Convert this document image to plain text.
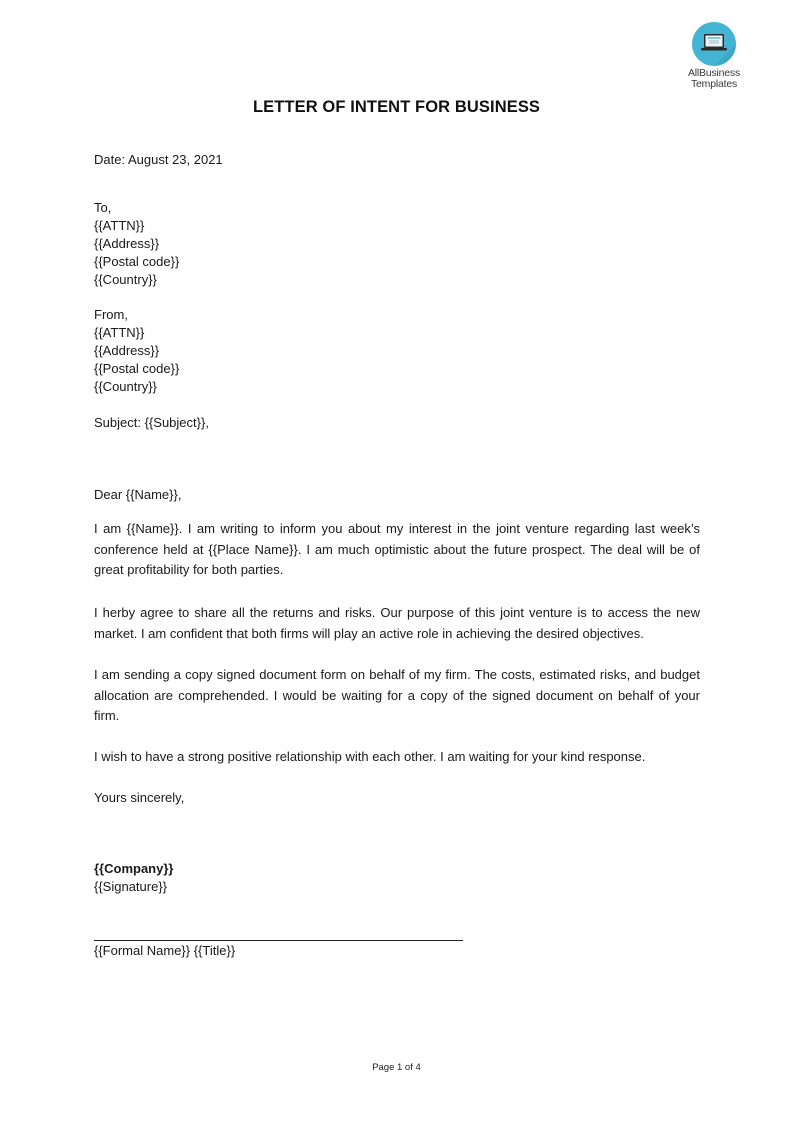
AllBusiness
Templates
LETTER OF INTENT FOR BUSINESS
Date: August 23, 2021
To,
{{ATTN}}
{{Address}}
{{Postal code}}
{{Country}}
From,
{{ATTN}}
{{Address}}
{{Postal code}}
{{Country}}
Subject: {{Subject}},
Dear {{Name}},
I am {{Name}}. I am writing to inform you about my interest in the joint venture regarding last week’s conference held at {{Place Name}}. I am much optimistic about the future prospect. The deal will be of great profitability for both parties.
I herby agree to share all the returns and risks. Our purpose of this joint venture is to access the new market. I am confident that both firms will play an active role in achieving the desired objectives.
I am sending a copy signed document form on behalf of my firm. The costs, estimated risks, and budget allocation are comprehended. I would be waiting for a copy of the signed document on behalf of your firm.
I wish to have a strong positive relationship with each other. I am waiting for your kind response.
Yours sincerely,
{{Company}}
{{Signature}}
{{Formal Name}} {{Title}}
Page 1 of 4
